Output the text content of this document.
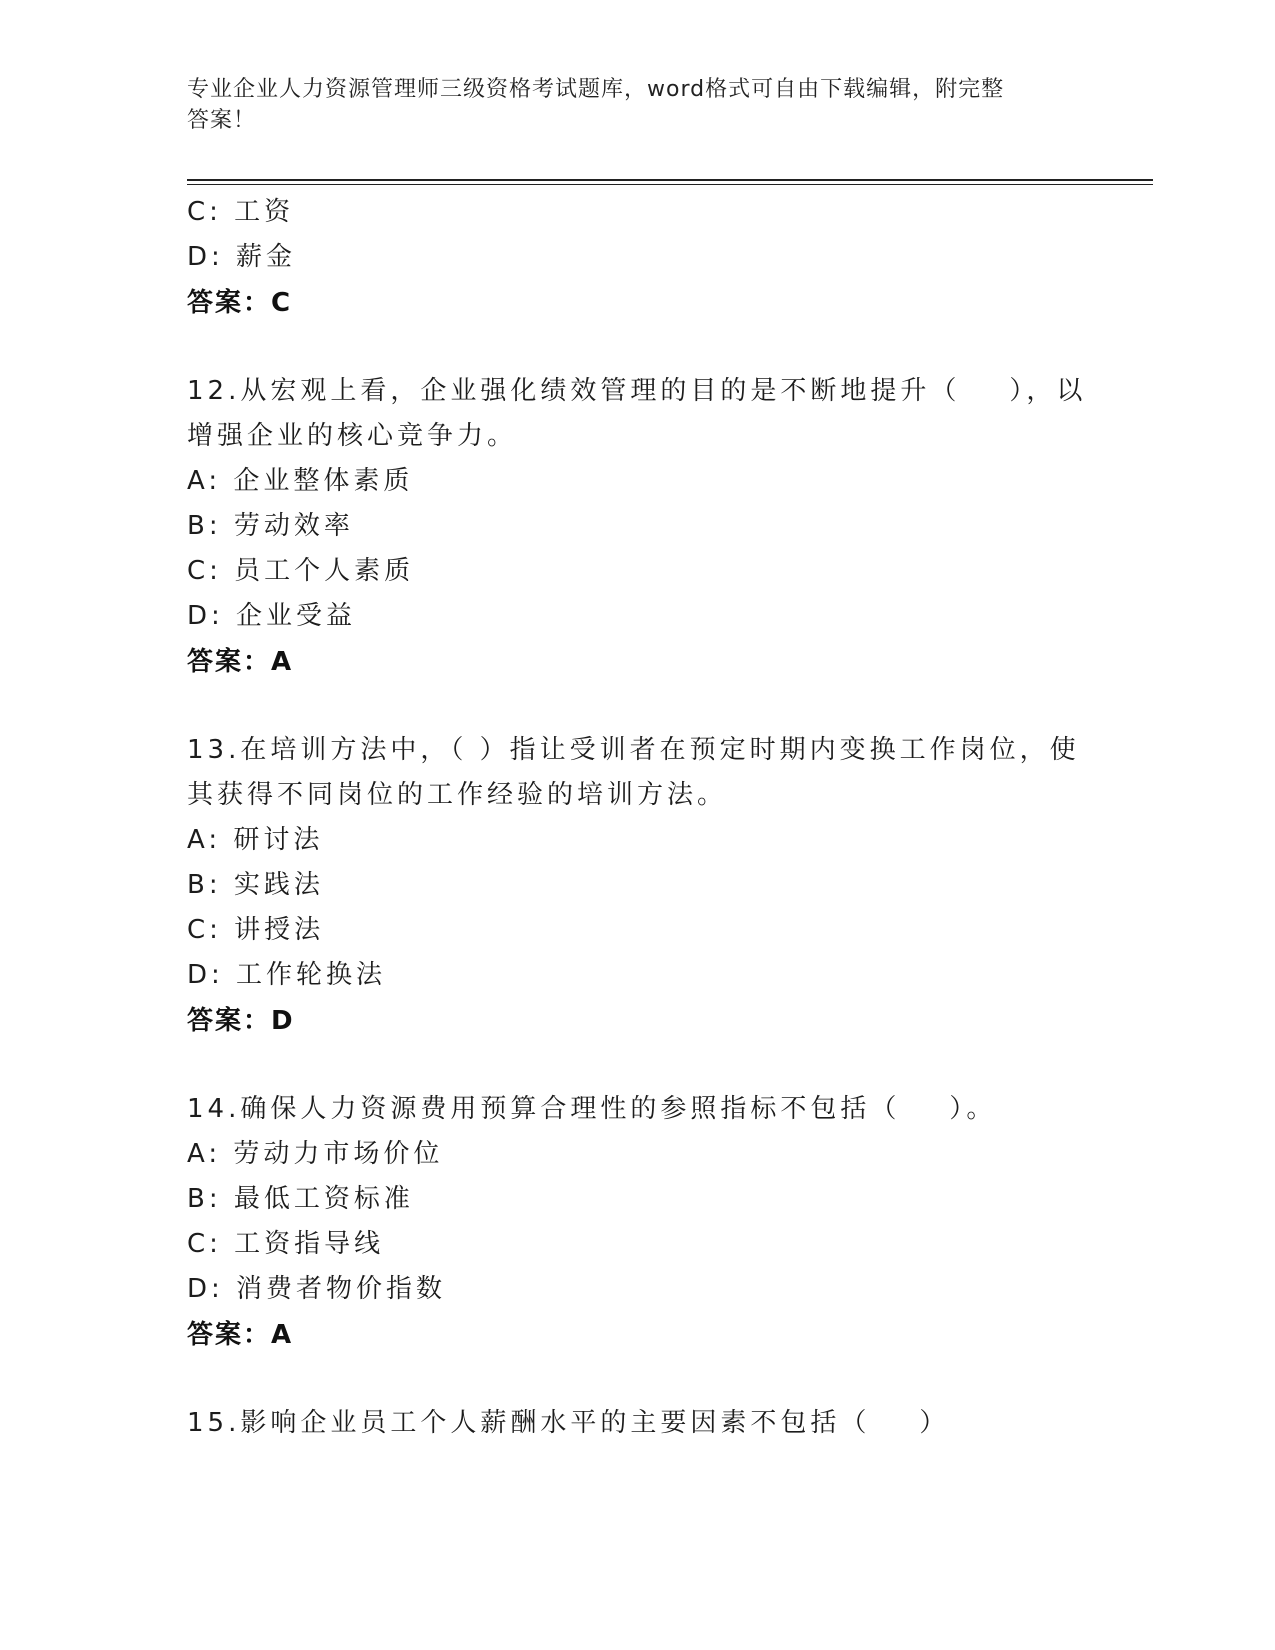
专业企业人力资源管理师三级资格考试题库，word格式可自由下载编辑，附完整
答案！
C: 工资
D: 薪金
答案：C
12.从宏观上看，企业强化绩效管理的目的是不断地提升（    ），以
增强企业的核心竞争力。
A: 企业整体素质
B: 劳动效率
C: 员工个人素质
D: 企业受益
答案：A
13.在培训方法中，（ ）指让受训者在预定时期内变换工作岗位，使
其获得不同岗位的工作经验的培训方法。
A: 研讨法
B: 实践法
C: 讲授法
D: 工作轮换法
答案：D
14.确保人力资源费用预算合理性的参照指标不包括（    ）。
A: 劳动力市场价位
B: 最低工资标准
C: 工资指导线
D: 消费者物价指数
答案：A
15.影响企业员工个人薪酬水平的主要因素不包括（    ）
